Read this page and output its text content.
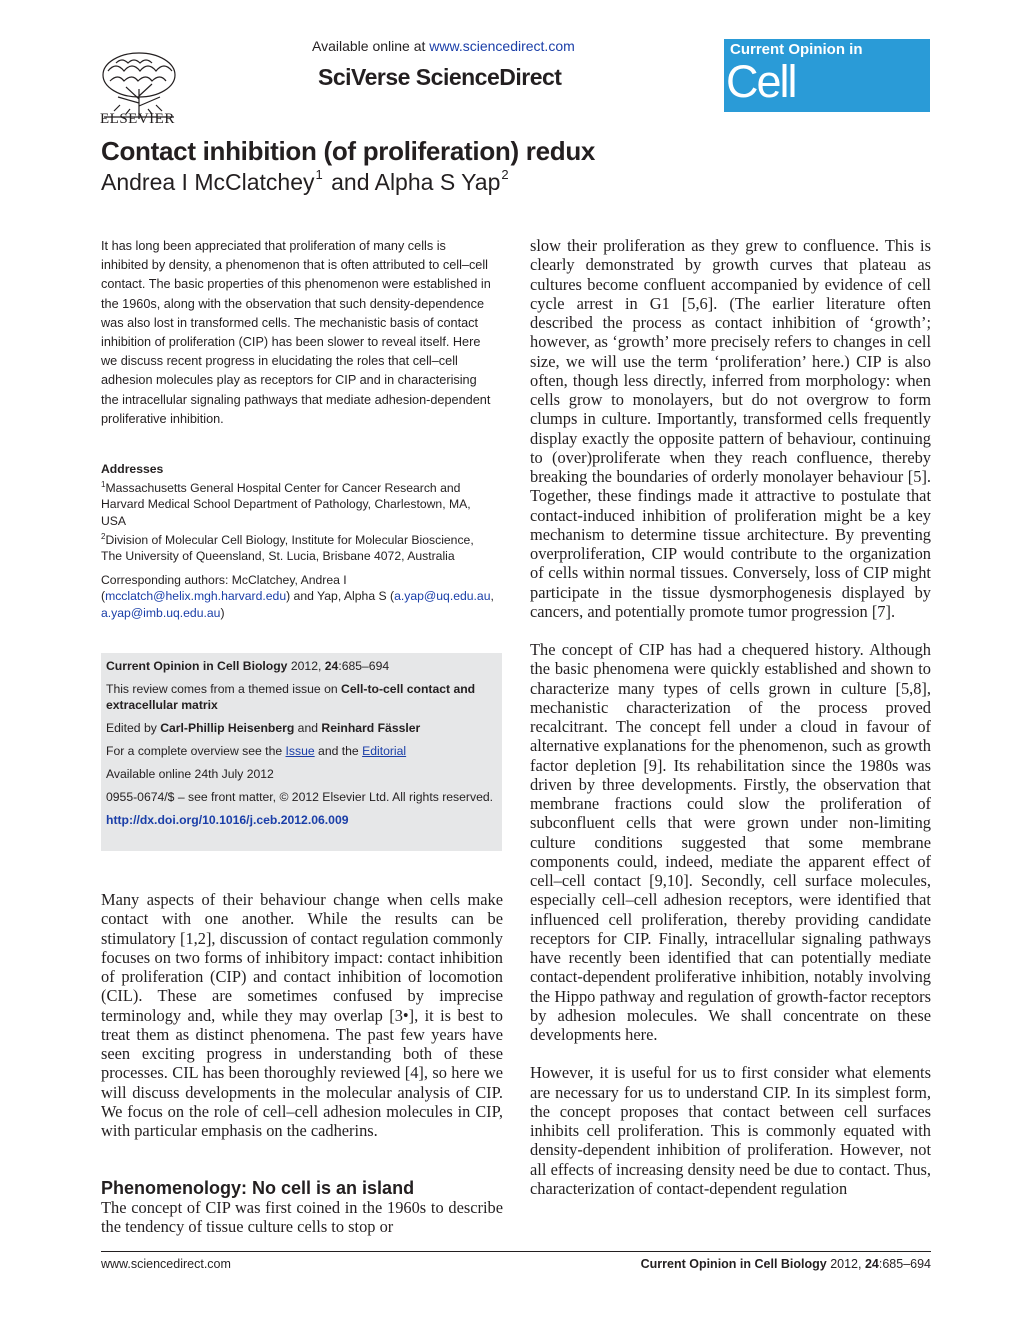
ELSEVIER
Available online at www.sciencedirect.com
SciVerse ScienceDirect
Current Opinion in
Cell Biology
Contact inhibition (of proliferation) redux
Andrea I McClatchey$^1$ and Alpha S Yap$^2$
It has long been appreciated that proliferation of many cells is inhibited by density, a phenomenon that is often attributed to cell–cell contact. The basic properties of this phenomenon were established in the 1960s, along with the observation that such density-dependence was also lost in transformed cells. The mechanistic basis of contact inhibition of proliferation (CIP) has been slower to reveal itself. Here we discuss recent progress in elucidating the roles that cell–cell adhesion molecules play as receptors for CIP and in characterising the intracellular signaling pathways that mediate adhesion-dependent proliferative inhibition.
Addresses
$^1$Massachusetts General Hospital Center for Cancer Research and Harvard Medical School Department of Pathology, Charlestown, MA, USA
$^2$Division of Molecular Cell Biology, Institute for Molecular Bioscience, The University of Queensland, St. Lucia, Brisbane 4072, Australia
Corresponding authors: McClatchey, Andrea I
(mcclatch@helix.mgh.harvard.edu) and Yap, Alpha S (a.yap@uq.edu.au,
a.yap@imb.uq.edu.au)

Current Opinion in Cell Biology 2012, 24:685–694

This review comes from a themed issue on Cell-to-cell contact and extracellular matrix

Edited by Carl-Phillip Heisenberg and Reinhard Fässler

For a complete overview see the Issue and the Editorial

Available online 24th July 2012

0955-0674/$ – see front matter, © 2012 Elsevier Ltd. All rights reserved.

http://dx.doi.org/10.1016/j.ceb.2012.06.009

Many aspects of their behaviour change when cells make contact with one another. While the results can be stimulatory [1,2], discussion of contact regulation commonly focuses on two forms of inhibitory impact: contact inhibition of proliferation (CIP) and contact inhibition of locomotion (CIL). These are sometimes confused by imprecise terminology and, while they may overlap [3•], it is best to treat them as distinct phenomena. The past few years have seen exciting progress in understanding both of these processes. CIL has been thoroughly reviewed [4], so here we will discuss developments in the molecular analysis of CIP. We focus on the role of cell–cell adhesion molecules in CIP, with particular emphasis on the cadherins.

Phenomenology: No cell is an island

The concept of CIP was first coined in the 1960s to describe the tendency of tissue culture cells to stop or

slow their proliferation as they grew to confluence. This is clearly demonstrated by growth curves that plateau as cultures become confluent accompanied by evidence of cell cycle arrest in G1 [5,6]. (The earlier literature often described the process as contact inhibition of ‘growth’; however, as ‘growth’ more precisely refers to changes in cell size, we will use the term ‘proliferation’ here.) CIP is also often, though less directly, inferred from morphology: when cells grow to monolayers, but do not overgrow to form clumps in culture. Importantly, transformed cells frequently display exactly the opposite pattern of behaviour, continuing to (over)proliferate when they reach confluence, thereby breaking the boundaries of orderly monolayer behaviour [5]. Together, these findings made it attractive to postulate that contact-induced inhibition of proliferation might be a key mechanism to determine tissue architecture. By preventing overproliferation, CIP would contribute to the organization of cells within normal tissues. Conversely, loss of CIP might participate in the tissue dysmorphogenesis displayed by cancers, and potentially promote tumor progression [7].

The concept of CIP has had a chequered history. Although the basic phenomena were quickly established and shown to characterize many types of cells grown in culture [5,8], mechanistic characterization of the process proved recalcitrant. The concept fell under a cloud in favour of alternative explanations for the phenomenon, such as growth factor depletion [9]. Its rehabilitation since the 1980s was driven by three developments. Firstly, the observation that membrane fractions could slow the proliferation of subconfluent cells that were grown under non-limiting culture conditions suggested that some membrane components could, indeed, mediate the apparent effect of cell–cell contact [9,10]. Secondly, cell surface molecules, especially cell–cell adhesion receptors, were identified that influenced cell proliferation, thereby providing candidate receptors for CIP. Finally, intracellular signaling pathways have recently been identified that can potentially mediate contact-dependent proliferative inhibition, notably involving the Hippo pathway and regulation of growth-factor receptors by adhesion molecules. We shall concentrate on these developments here.

However, it is useful for us to first consider what elements are necessary for us to understand CIP. In its simplest form, the concept proposes that contact between cell surfaces inhibits cell proliferation. This is commonly equated with density-dependent inhibition of proliferation. However, not all effects of increasing density need be due to contact. Thus, characterization of contact-dependent regulation

www.sciencedirect.com	Current Opinion in Cell Biology 2012, 24:685–694
